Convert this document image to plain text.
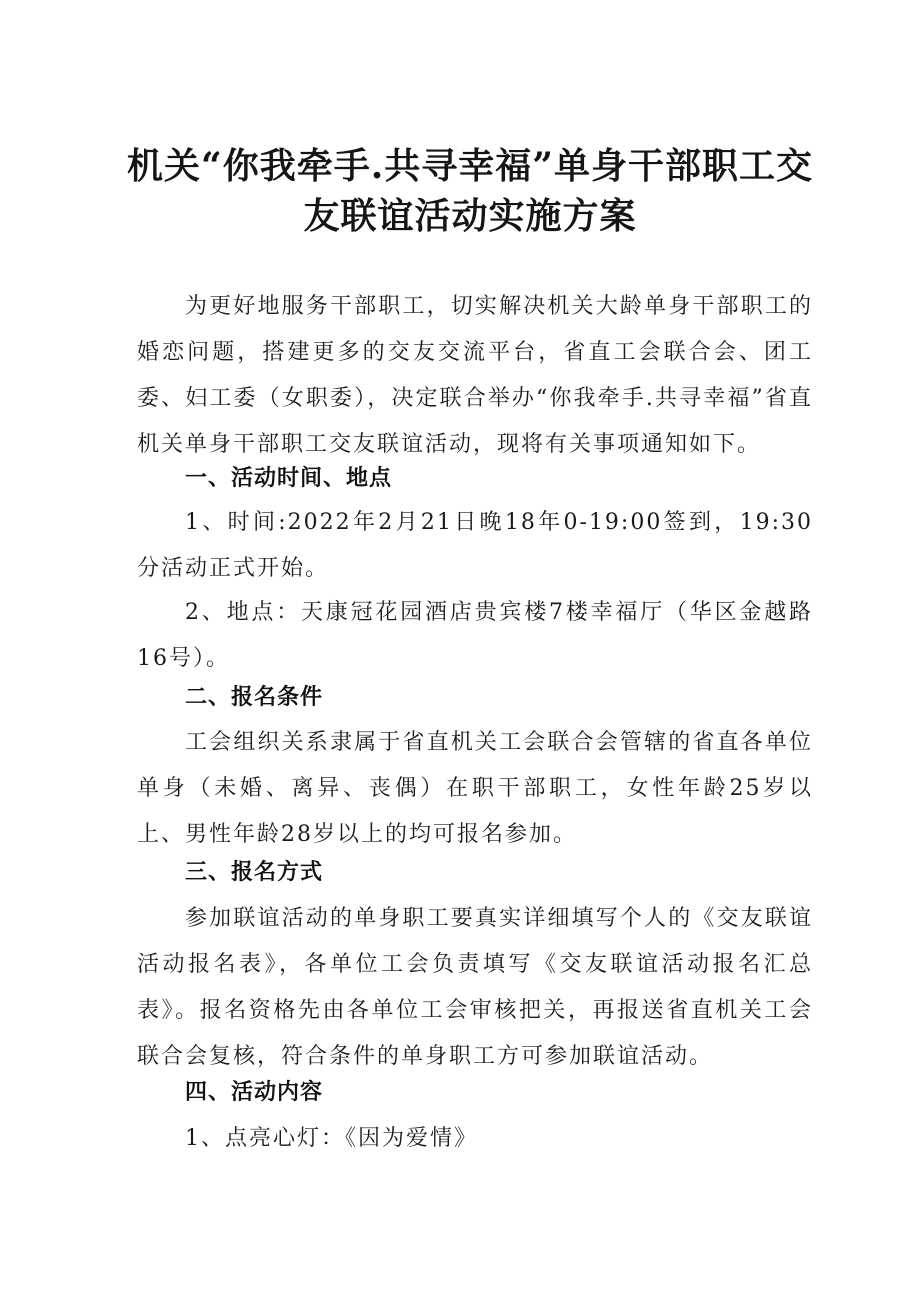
机关“你我牵手.共寻幸福”单身干部职工交
友联谊活动实施方案

为更好地服务干部职工，切实解决机关大龄单身干部职工的婚恋问题，搭建更多的交友交流平台，省直工会联合会、团工委、妇工委（女职委），决定联合举办“你我牵手.共寻幸福”省直机关单身干部职工交友联谊活动，现将有关事项通知如下。

一、活动时间、地点

1、时间:2022年2月21日晚18年0-19:00签到，19:30分活动正式开始。

2、地点：天康冠花园酒店贵宾楼7楼幸福厅（华区金越路16号）。

二、报名条件

工会组织关系隶属于省直机关工会联合会管辖的省直各单位单身（未婚、离异、丧偶）在职干部职工，女性年龄25岁以上、男性年龄28岁以上的均可报名参加。

三、报名方式

参加联谊活动的单身职工要真实详细填写个人的《交友联谊活动报名表》，各单位工会负责填写《交友联谊活动报名汇总表》。报名资格先由各单位工会审核把关，再报送省直机关工会联合会复核，符合条件的单身职工方可参加联谊活动。

四、活动内容

1、点亮心灯：《因为爱情》
